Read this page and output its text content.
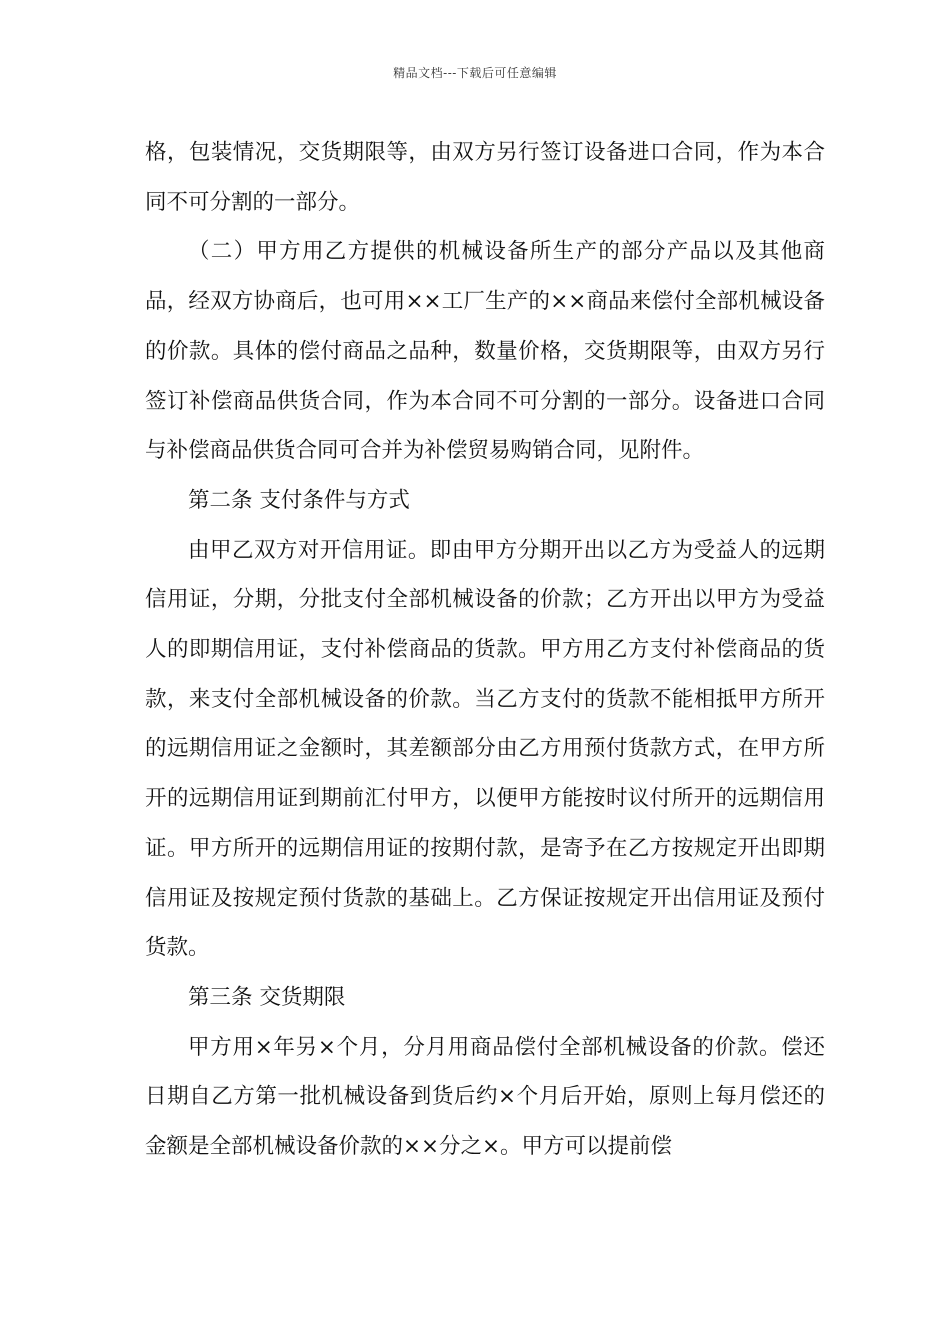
精品文档---下载后可任意编辑

格，包装情况，交货期限等，由双方另行签订设备进口合同，作为本合同不可分割的一部分。

（二）甲方用乙方提供的机械设备所生产的部分产品以及其他商品，经双方协商后，也可用××工厂生产的××商品来偿付全部机械设备的价款。具体的偿付商品之品种，数量价格，交货期限等，由双方另行签订补偿商品供货合同，作为本合同不可分割的一部分。设备进口合同与补偿商品供货合同可合并为补偿贸易购销合同，见附件。

第二条 支付条件与方式

由甲乙双方对开信用证。即由甲方分期开出以乙方为受益人的远期信用证，分期，分批支付全部机械设备的价款；乙方开出以甲方为受益人的即期信用证，支付补偿商品的货款。甲方用乙方支付补偿商品的货款，来支付全部机械设备的价款。当乙方支付的货款不能相抵甲方所开的远期信用证之金额时，其差额部分由乙方用预付货款方式，在甲方所开的远期信用证到期前汇付甲方，以便甲方能按时议付所开的远期信用证。甲方所开的远期信用证的按期付款，是寄予在乙方按规定开出即期信用证及按规定预付货款的基础上。乙方保证按规定开出信用证及预付货款。

第三条 交货期限

甲方用×年另×个月，分月用商品偿付全部机械设备的价款。偿还日期自乙方第一批机械设备到货后约×个月后开始，原则上每月偿还的金额是全部机械设备价款的××分之×。甲方可以提前偿
